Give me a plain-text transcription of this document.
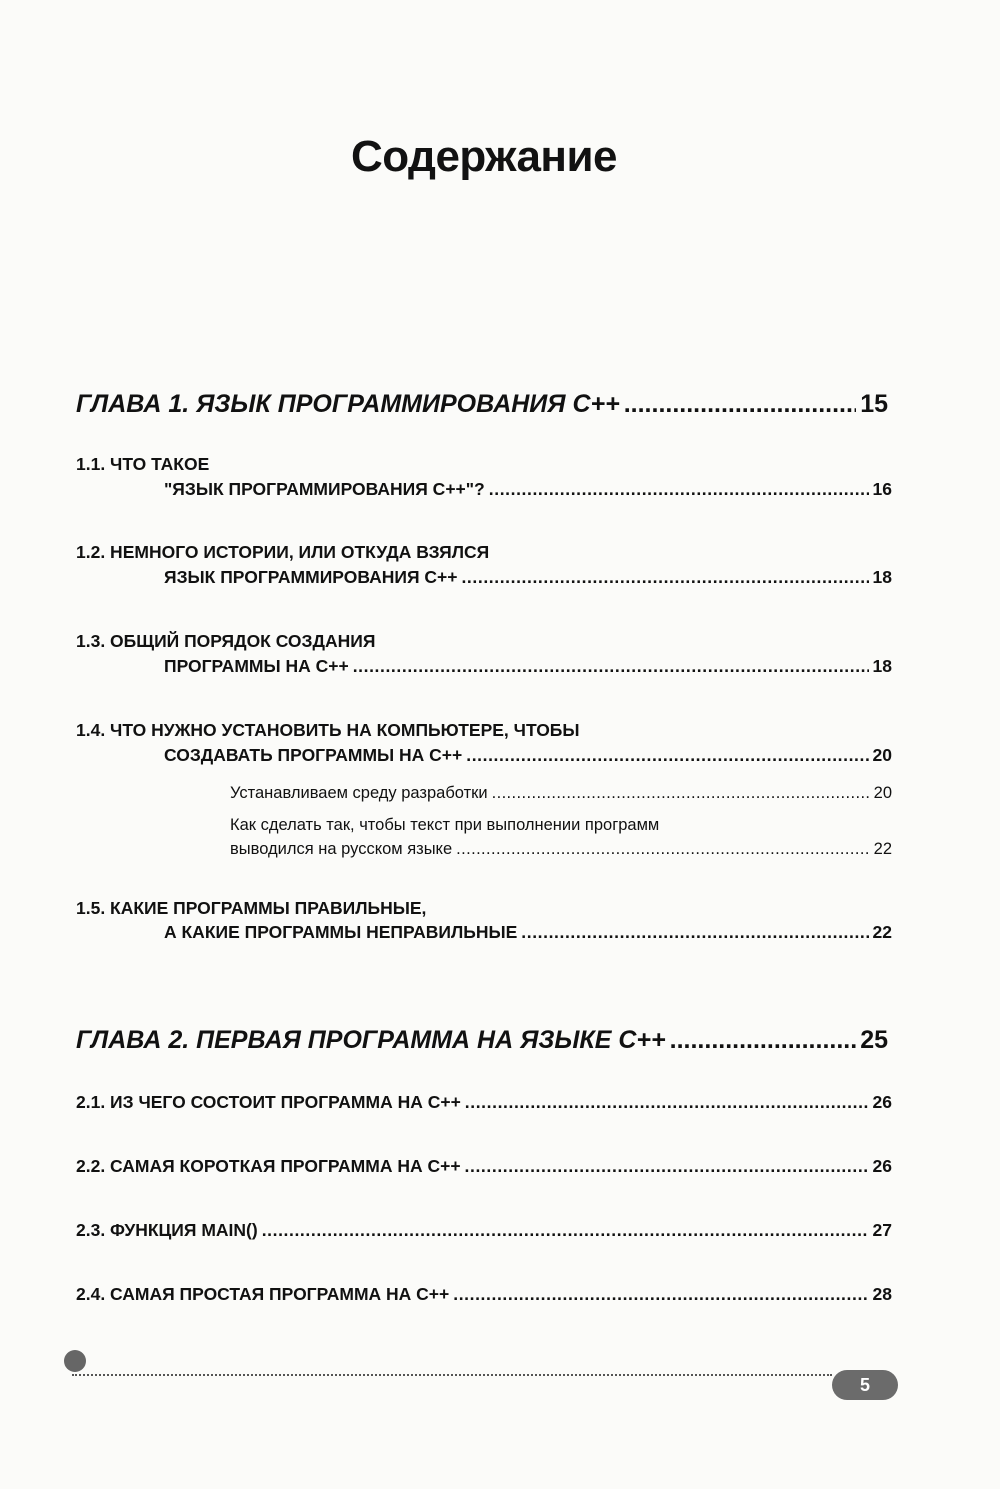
Содержание
ГЛАВА 1. ЯЗЫК ПРОГРАММИРОВАНИЯ С++ .....	15
1.1. ЧТО ТАКОЕ
"ЯЗЫК ПРОГРАММИРОВАНИЯ С++"? .....	16
1.2. НЕМНОГО ИСТОРИИ, ИЛИ ОТКУДА ВЗЯЛСЯ
ЯЗЫК ПРОГРАММИРОВАНИЯ С++ .....	18
1.3. ОБЩИЙ ПОРЯДОК СОЗДАНИЯ
ПРОГРАММЫ НА С++ .....	18
1.4. ЧТО НУЖНО УСТАНОВИТЬ НА КОМПЬЮТЕРЕ, ЧТОБЫ
СОЗДАВАТЬ ПРОГРАММЫ НА С++ .....	20
Устанавливаем среду разработки .....	20
Как сделать так, чтобы текст при выполнении программ
выводился на русском языке .....	22
1.5. КАКИЕ ПРОГРАММЫ ПРАВИЛЬНЫЕ,
А КАКИЕ ПРОГРАММЫ НЕПРАВИЛЬНЫЕ .....	22
ГЛАВА 2. ПЕРВАЯ ПРОГРАММА НА ЯЗЫКЕ С++ .....	25
2.1. ИЗ ЧЕГО СОСТОИТ ПРОГРАММА НА С++ .....	26
2.2. САМАЯ КОРОТКАЯ ПРОГРАММА НА С++ .....	26
2.3. ФУНКЦИЯ MAIN() .....	27
2.4. САМАЯ ПРОСТАЯ ПРОГРАММА НА С++ .....	28
5
